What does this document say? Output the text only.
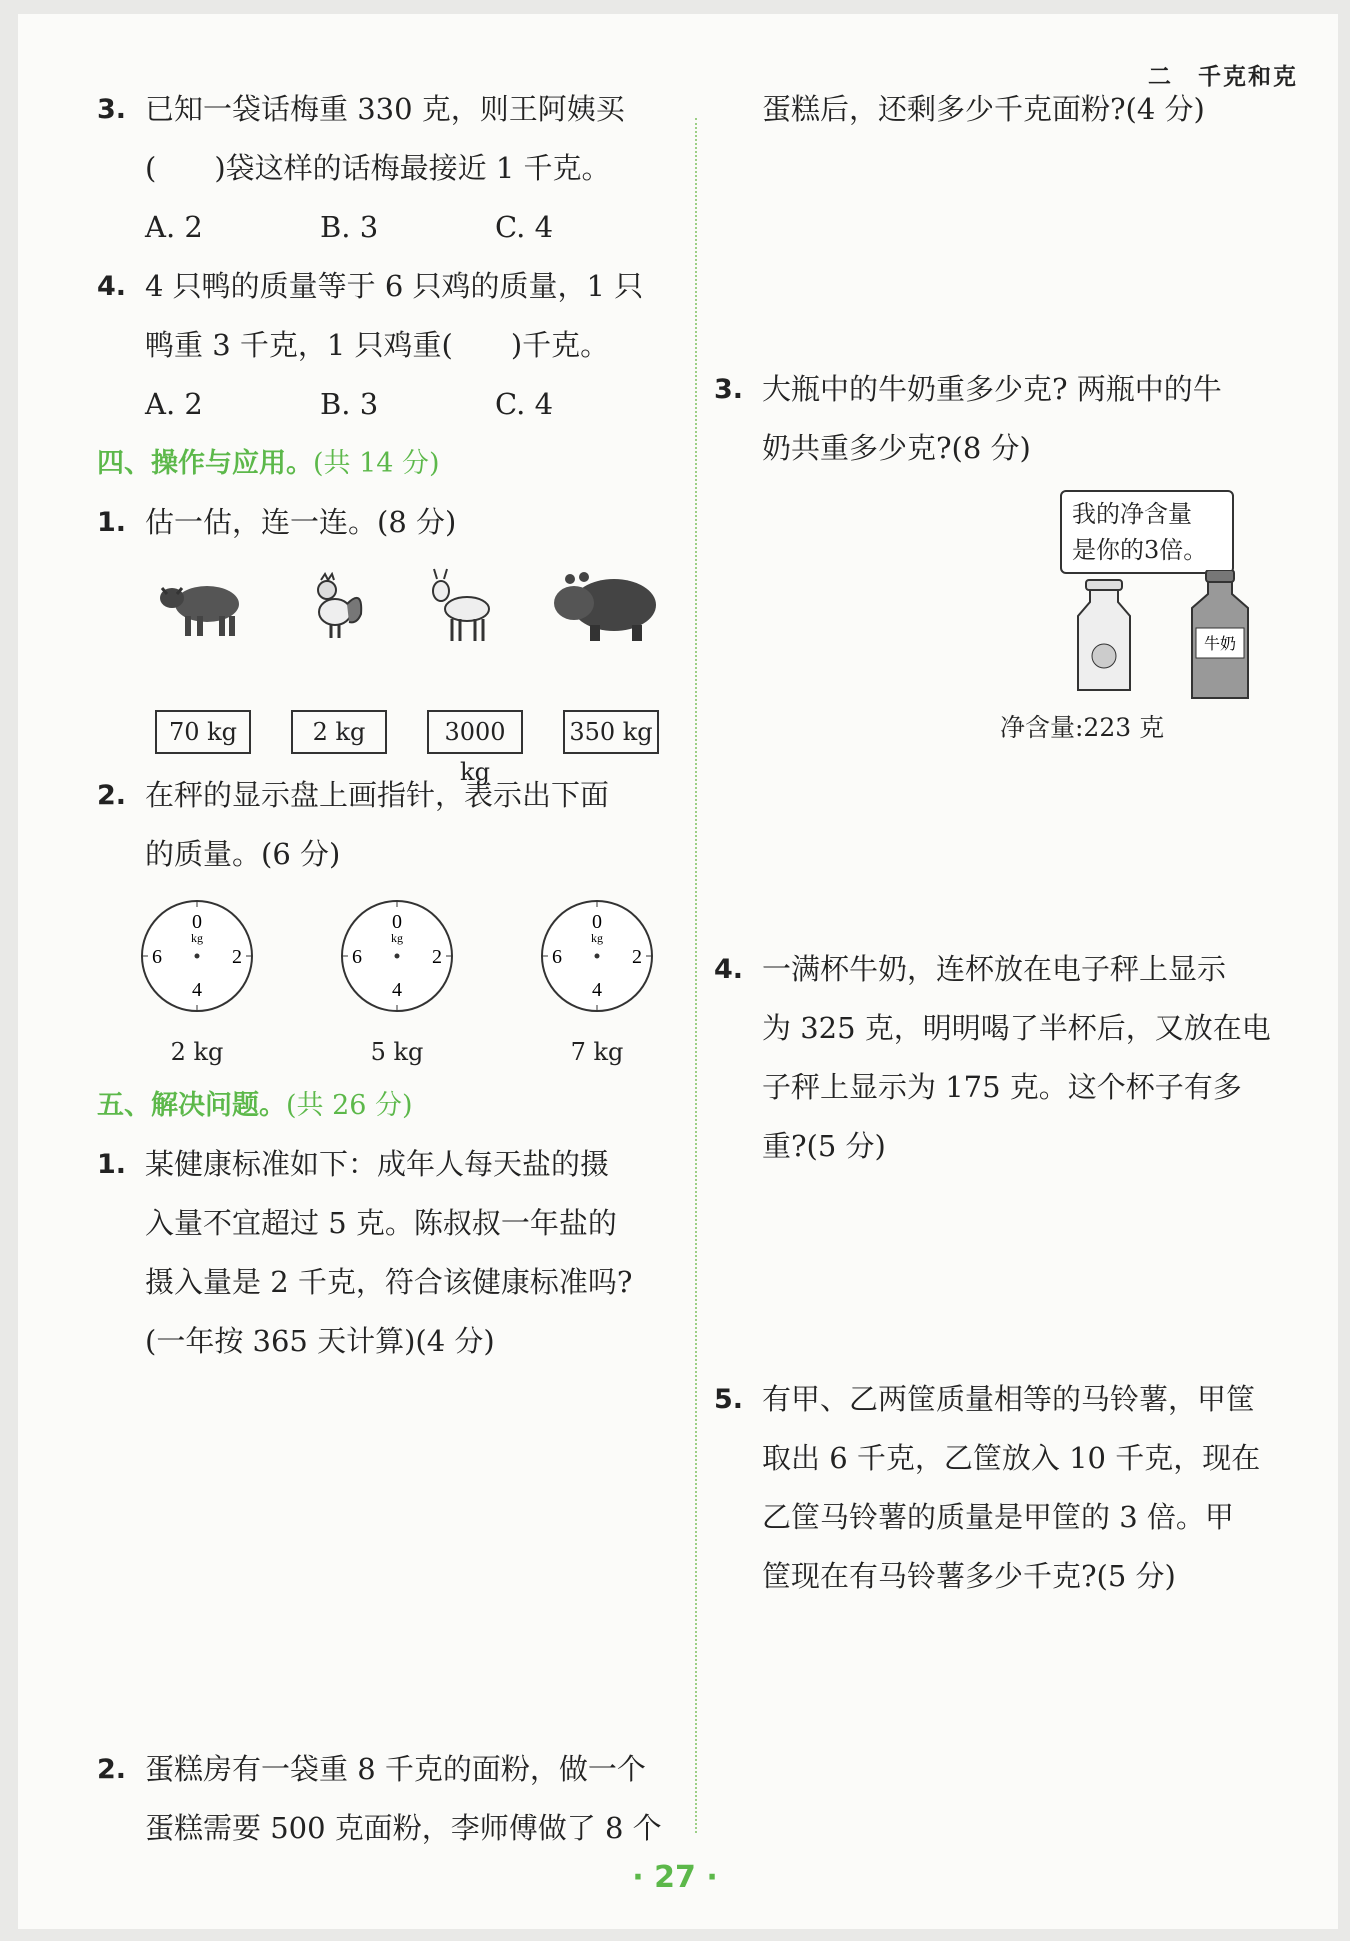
二　千克和克
3. 已知一袋话梅重 330 克，则王阿姨买
(　　)袋这样的话梅最接近 1 千克。
A. 2	B. 3	C. 4
4. 4 只鸭的质量等于 6 只鸡的质量，1 只
鸭重 3 千克，1 只鸡重(　　)千克。
A. 2	B. 3	C. 4
四、操作与应用。(共 14 分)
1. 估一估，连一连。(8 分)
70 kg	2 kg	3000 kg
350 kg
2. 在秤的显示盘上画指针，表示出下面
的质量。(6 分)
0
kg
6	2
4
2 kg
0
kg
6	2
4
5 kg
0
kg
6	2
4
7 kg
五、解决问题。(共 26 分)
1. 某健康标准如下：成年人每天盐的摄
入量不宜超过 5 克。陈叔叔一年盐的
摄入量是 2 千克，符合该健康标准吗?
(一年按 365 天计算)(4 分)
2. 蛋糕房有一袋重 8 千克的面粉，做一个
蛋糕需要 500 克面粉，李师傅做了 8 个
蛋糕后，还剩多少千克面粉?(4 分)
3. 大瓶中的牛奶重多少克? 两瓶中的牛
奶共重多少克?(8 分)
我的净含量
是你的3倍。
牛奶
净含量:223 克
4. 一满杯牛奶，连杯放在电子秤上显示
为 325 克，明明喝了半杯后，又放在电
子秤上显示为 175 克。这个杯子有多
重?(5 分)
5. 有甲、乙两筐质量相等的马铃薯，甲筐
取出 6 千克，乙筐放入 10 千克，现在
乙筐马铃薯的质量是甲筐的 3 倍。甲
筐现在有马铃薯多少千克?(5 分)
· 27 ·
